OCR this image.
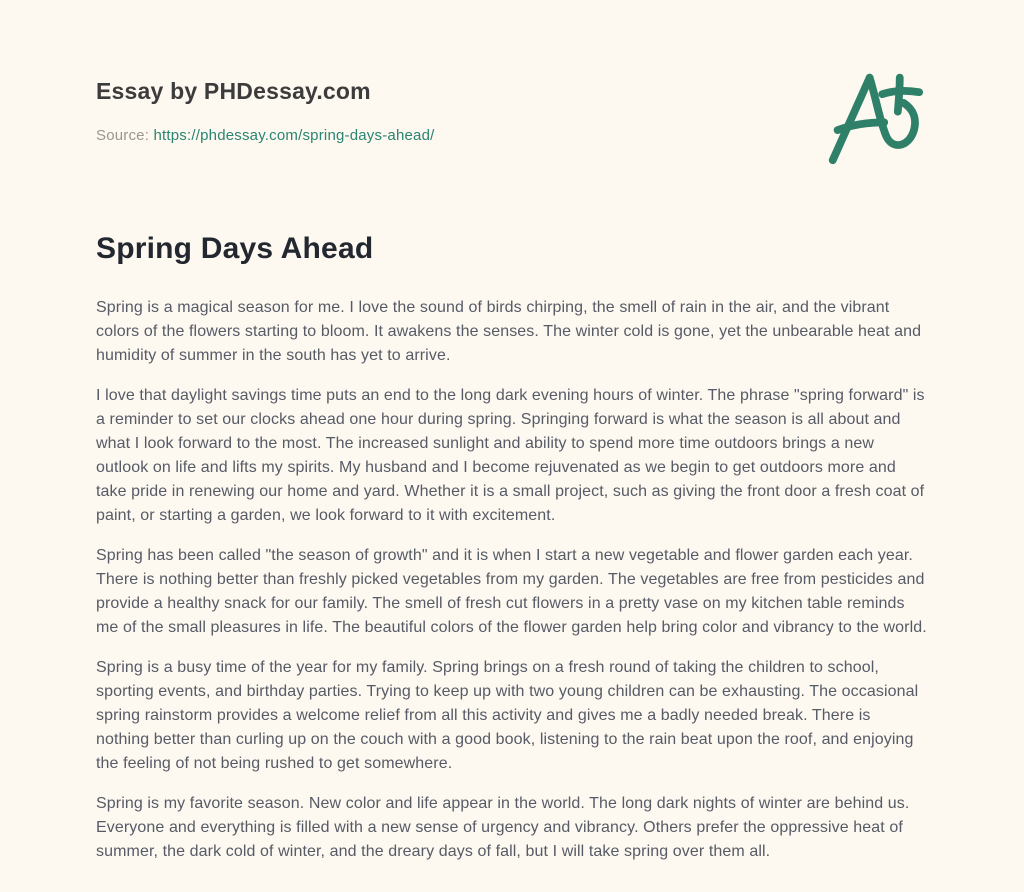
Essay by PHDessay.com
Source: https://phdessay.com/spring-days-ahead/
Spring Days Ahead

Spring is a magical season for me. I love the sound of birds chirping, the smell of rain in the air, and the vibrant colors of the flowers starting to bloom. It awakens the senses. The winter cold is gone, yet the unbearable heat and humidity of summer in the south has yet to arrive.

I love that daylight savings time puts an end to the long dark evening hours of winter. The phrase "spring forward" is a reminder to set our clocks ahead one hour during spring. Springing forward is what the season is all about and what I look forward to the most. The increased sunlight and ability to spend more time outdoors brings a new outlook on life and lifts my spirits. My husband and I become rejuvenated as we begin to get outdoors more and take pride in renewing our home and yard. Whether it is a small project, such as giving the front door a fresh coat of paint, or starting a garden, we look forward to it with excitement.

Spring has been called "the season of growth" and it is when I start a new vegetable and flower garden each year. There is nothing better than freshly picked vegetables from my garden. The vegetables are free from pesticides and provide a healthy snack for our family. The smell of fresh cut flowers in a pretty vase on my kitchen table reminds me of the small pleasures in life. The beautiful colors of the flower garden help bring color and vibrancy to the world.

Spring is a busy time of the year for my family. Spring brings on a fresh round of taking the children to school, sporting events, and birthday parties. Trying to keep up with two young children can be exhausting. The occasional spring rainstorm provides a welcome relief from all this activity and gives me a badly needed break. There is nothing better than curling up on the couch with a good book, listening to the rain beat upon the roof, and enjoying the feeling of not being rushed to get somewhere.

Spring is my favorite season. New color and life appear in the world. The long dark nights of winter are behind us. Everyone and everything is filled with a new sense of urgency and vibrancy. Others prefer the oppressive heat of summer, the dark cold of winter, and the dreary days of fall, but I will take spring over them all.
